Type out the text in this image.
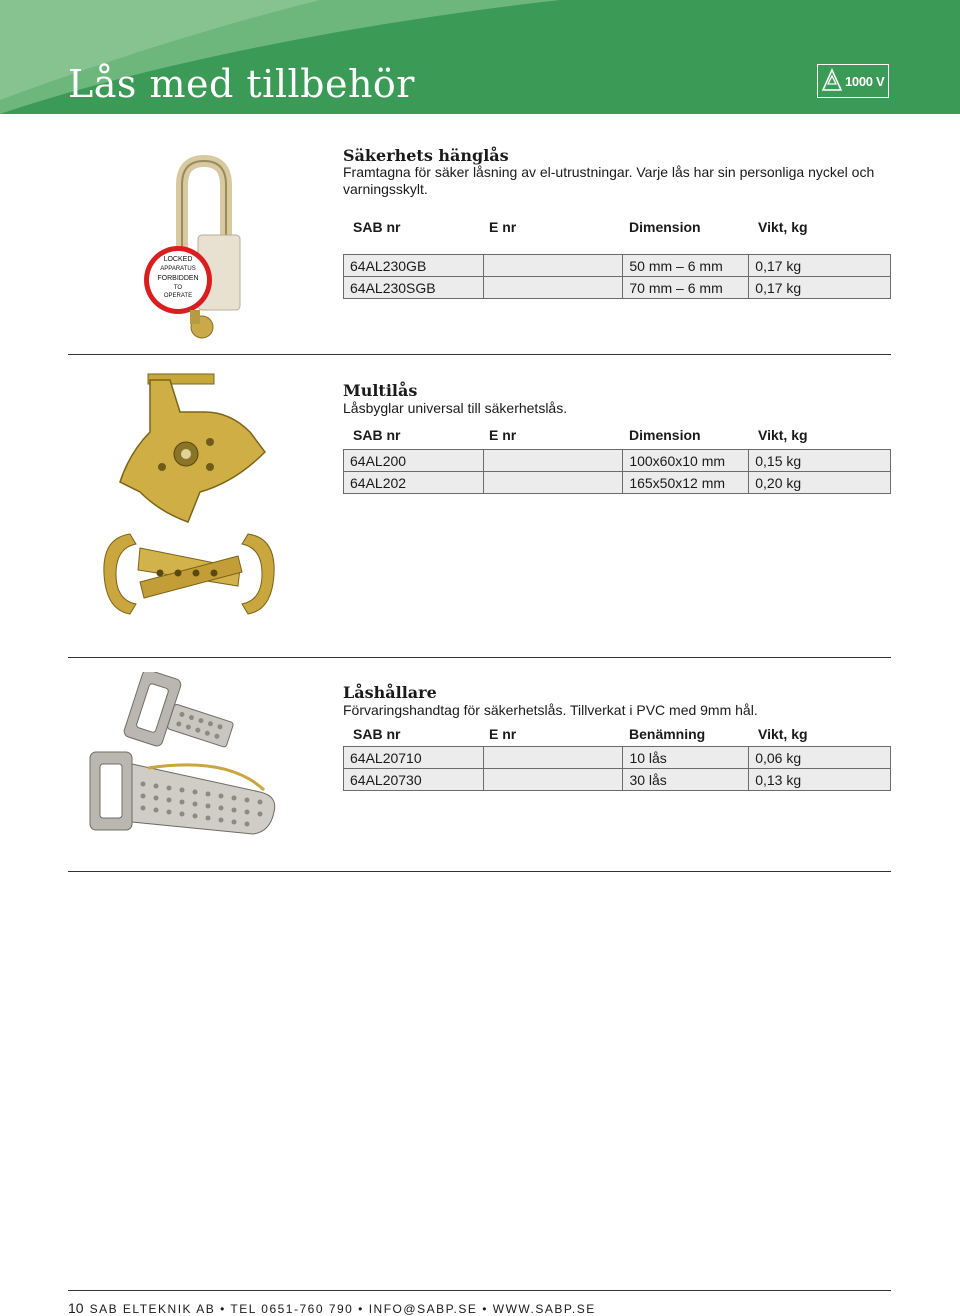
Lås med tillbehör	1000 V
LOCKED
APPARATUS
FORBIDDEN
TO
OPERATE
Säkerhets hänglås
Framtagna för säker låsning av el-utrustningar. Varje lås har sin personliga nyckel och varningsskylt.
SAB nr	E nr	Dimension	Vikt, kg
64AL230GB		50 mm – 6 mm	0,17 kg
64AL230SGB		70 mm – 6 mm	0,17 kg
Multilås
Låsbyglar universal till säkerhetslås.
SAB nr	E nr	Dimension	Vikt, kg
64AL200		100x60x10 mm	0,15 kg
64AL202		165x50x12 mm	0,20 kg
Låshållare
Förvaringshandtag för säkerhetslås. Tillverkat i PVC med 9mm hål.
SAB nr	E nr	Benämning	Vikt, kg
64AL20710		10 lås	0,06 kg
64AL20730		30 lås	0,13 kg
10 SAB ELTEKNIK AB • TEL 0651-760 790 • INFO@SABP.SE • WWW.SABP.SE
